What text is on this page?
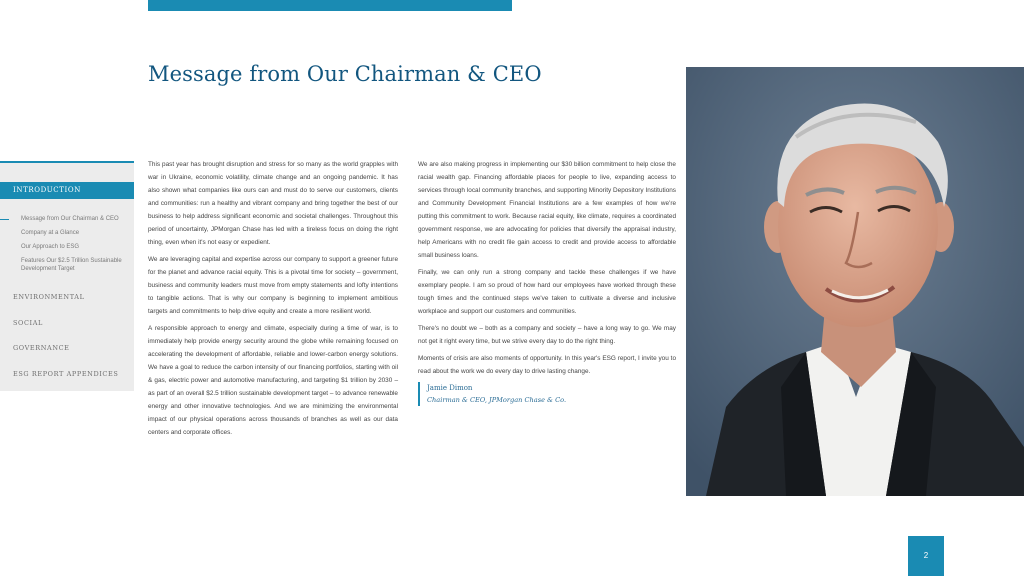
Message from Our Chairman & CEO
INTRODUCTION
Message from Our Chairman & CEO
Company at a Glance
Our Approach to ESG
Features Our $2.5 Trillion Sustainable Development Target
ENVIRONMENTAL
SOCIAL
GOVERNANCE
ESG REPORT APPENDICES

This past year has brought disruption and stress for so many as the world grapples with war in Ukraine, economic volatility, climate change and an ongoing pandemic. It has also shown what companies like ours can and must do to serve our customers, clients and communities: run a healthy and vibrant company and bring together the best of our business to help address significant economic and societal challenges. Throughout this period of uncertainty, JPMorgan Chase has led with a tireless focus on doing the right thing, even when it's not easy or expedient.

We are leveraging capital and expertise across our company to support a greener future for the planet and advance racial equity. This is a pivotal time for society – government, business and community leaders must move from empty statements and lofty intentions to tangible actions. That is why our company is beginning to implement ambitious targets and commitments to help drive equity and create a more resilient world.

A responsible approach to energy and climate, especially during a time of war, is to immediately help provide energy security around the globe while remaining focused on accelerating the development of affordable, reliable and lower-carbon energy solutions. We have a goal to reduce the carbon intensity of our financing portfolios, starting with oil & gas, electric power and automotive manufacturing, and targeting $1 trillion by 2030 – as part of an overall $2.5 trillion sustainable development target – to advance renewable energy and other innovative technologies. And we are minimizing the environmental impact of our physical operations across thousands of branches as well as our data centers and corporate offices.

We are also making progress in implementing our $30 billion commitment to help close the racial wealth gap. Financing affordable places for people to live, expanding access to services through local community branches, and supporting Minority Depository Institutions and Community Development Financial Institutions are a few examples of how we're putting this commitment to work. Because racial equity, like climate, requires a coordinated government response, we are advocating for policies that diversify the appraisal industry, help Americans with no credit file gain access to credit and provide access to affordable small business loans.

Finally, we can only run a strong company and tackle these challenges if we have exemplary people. I am so proud of how hard our employees have worked through these tough times and the continued steps we've taken to cultivate a diverse and inclusive workplace and support our customers and communities.

There's no doubt we – both as a company and society – have a long way to go. We may not get it right every time, but we strive every day to do the right thing.

Moments of crisis are also moments of opportunity. In this year's ESG report, I invite you to read about the work we do every day to drive lasting change.

Jamie Dimon
Chairman & CEO, JPMorgan Chase & Co.
2
